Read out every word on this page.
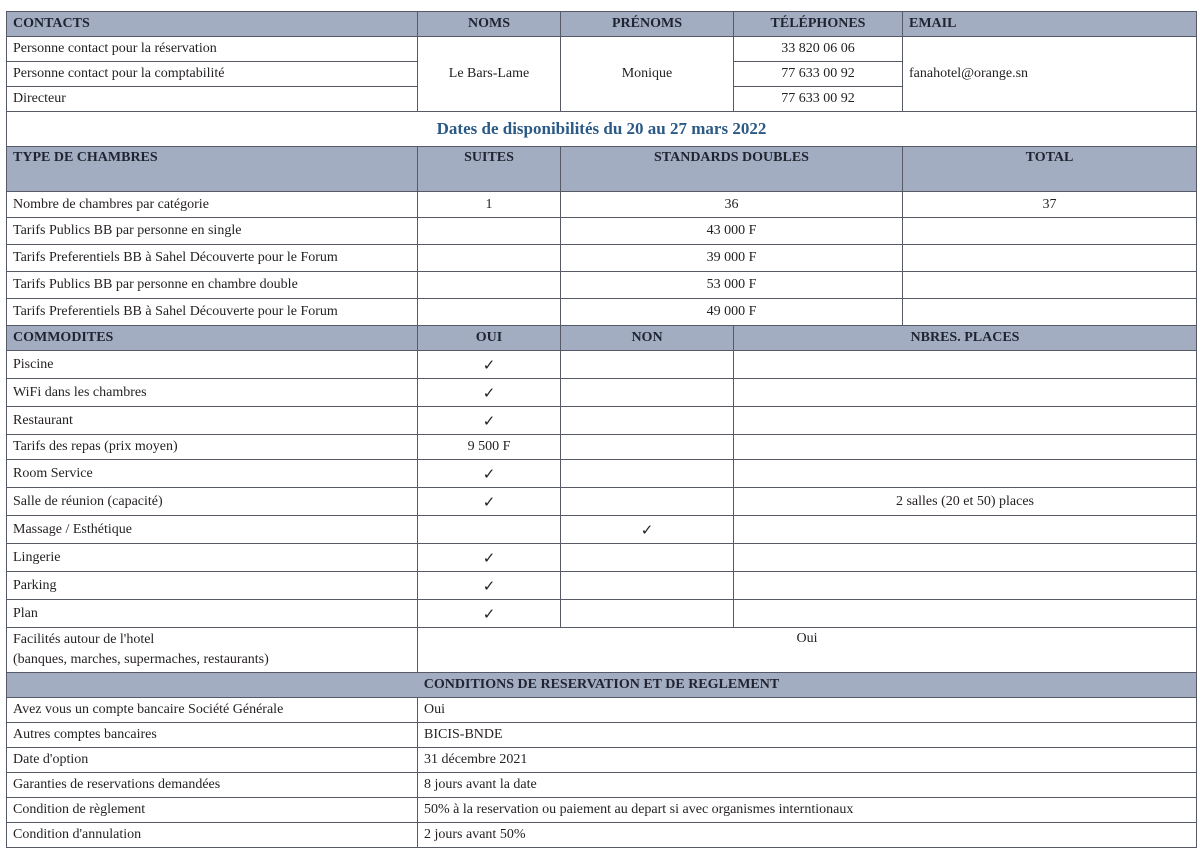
CONTACTS	NOMS	PRÉNOMS	TÉLÉPHONES	EMAIL
Personne contact pour la réservation	Le Bars-Lame	Monique	33 820 06 06	fanahotel@orange.sn
Personne contact pour la comptabilité			77 633 00 92	
Directeur			77 633 00 92	
Dates de disponibilités du 20 au 27 mars 2022				
TYPE DE CHAMBRES	SUITES	STANDARDS DOUBLES		TOTAL
Nombre de chambres par catégorie	1	36		37
Tarifs Publics BB par personne en single		43 000 F		
Tarifs Preferentiels BB à Sahel Découverte pour le Forum		39 000 F		
Tarifs Publics BB par personne en chambre double		53 000 F		
Tarifs Preferentiels BB à Sahel Découverte pour le Forum		49 000 F		
COMMODITES	OUI	NON	NBRES. PLACES	
Piscine	✓			
WiFi dans les chambres	✓			
Restaurant	✓			
Tarifs des repas (prix moyen)	9 500 F			
Room Service	✓			
Salle de réunion (capacité)	✓		2 salles (20 et 50) places	
Massage / Esthétique		✓		
Lingerie	✓			
Parking	✓			
Plan	✓			

Facilités autour de l'hotel
(banques, marches, supermaches, restaurants)	Oui			
CONDITIONS DE RESERVATION ET DE REGLEMENT				
Avez vous un compte bancaire Société Générale	Oui			
Autres comptes bancaires	BICIS-BNDE			
Date d'option	31 décembre 2021			
Garanties de reservations demandées	8 jours avant la date			
Condition de règlement	50% à la reservation ou paiement au depart si avec organismes interntionaux			
Condition d'annulation	2 jours avant 50%			
